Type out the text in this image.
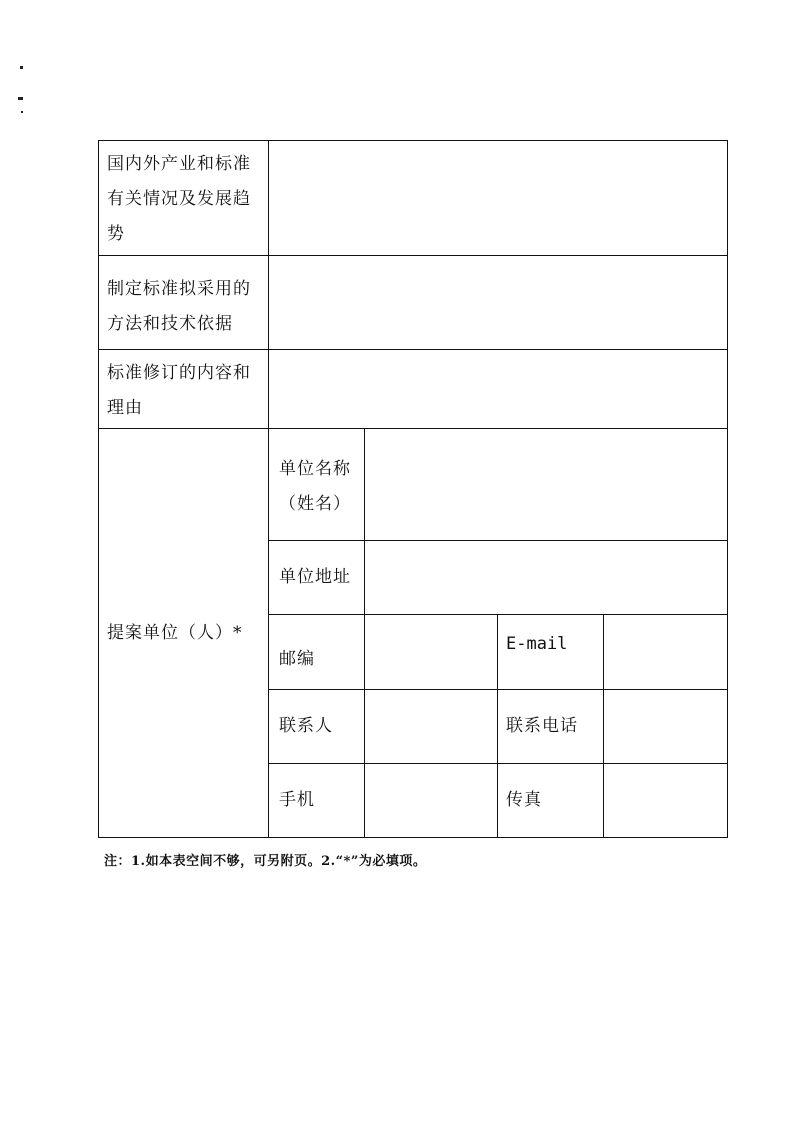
国内外产业和标准有关情况及发展趋势				
制定标准拟采用的方法和技术依据				
标准修订的内容和理由				
提案单位（人）*	单位名称（姓名）			
	单位地址			
	邮编		E-mail	
	联系人		联系电话	
	手机		传真	
注：1.如本表空间不够，可另附页。2.“*”为必填项。
